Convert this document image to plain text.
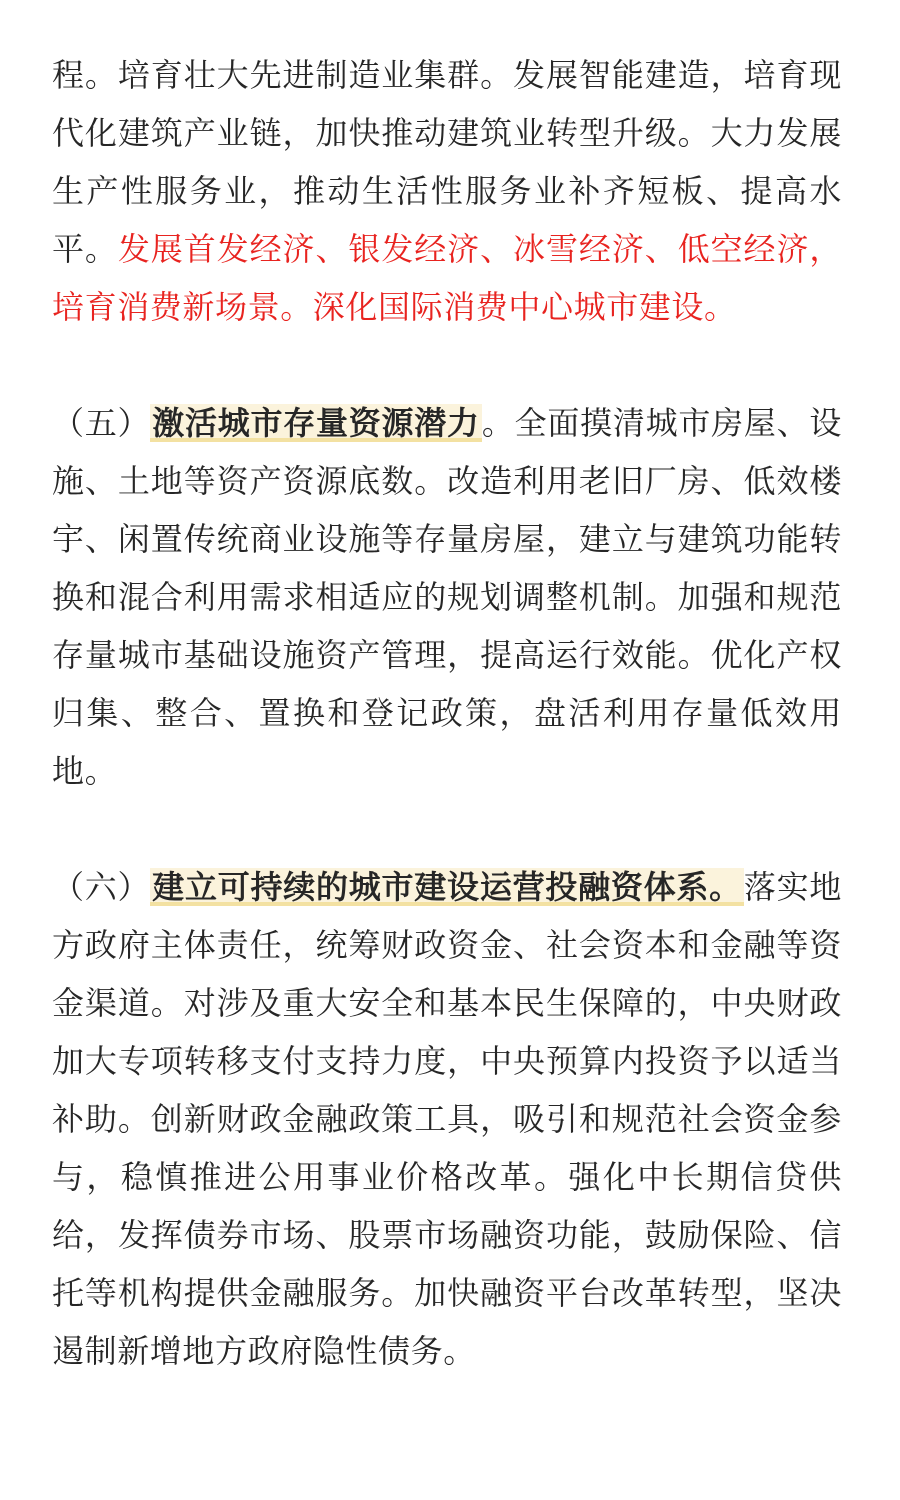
程。培育壮大先进制造业集群。发展智能建造，培育现代化建筑产业链，加快推动建筑业转型升级。大力发展生产性服务业，推动生活性服务业补齐短板、提高水平。发展首发经济、银发经济、冰雪经济、低空经济，培育消费新场景。深化国际消费中心城市建设。

（五）激活城市存量资源潜力。全面摸清城市房屋、设施、土地等资产资源底数。改造利用老旧厂房、低效楼宇、闲置传统商业设施等存量房屋，建立与建筑功能转换和混合利用需求相适应的规划调整机制。加强和规范存量城市基础设施资产管理，提高运行效能。优化产权归集、整合、置换和登记政策，盘活利用存量低效用地。

（六）建立可持续的城市建设运营投融资体系。落实地方政府主体责任，统筹财政资金、社会资本和金融等资金渠道。对涉及重大安全和基本民生保障的，中央财政加大专项转移支付支持力度，中央预算内投资予以适当补助。创新财政金融政策工具，吸引和规范社会资金参与，稳慎推进公用事业价格改革。强化中长期信贷供给，发挥债券市场、股票市场融资功能，鼓励保险、信托等机构提供金融服务。加快融资平台改革转型，坚决遏制新增地方政府隐性债务。
